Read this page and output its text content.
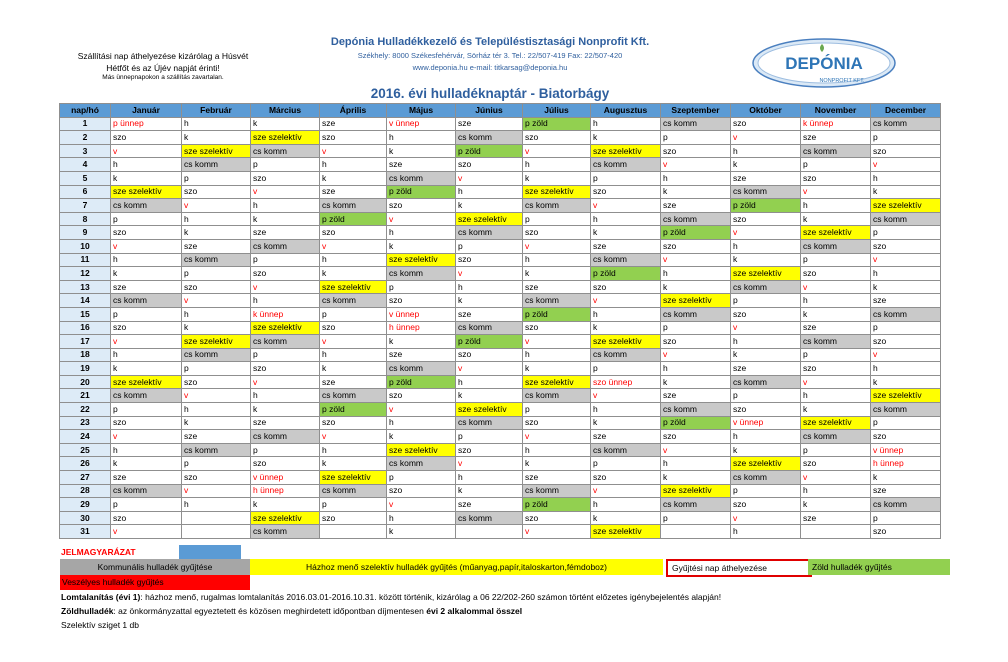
Szállítási nap áthelyezése kizárólag a Húsvét
Hétfőt és az Újév napját érinti!
Más ünnepnapokon a szállítás zavartalan.
Depónia Hulladékkezelő és Településtisztasági Nonprofit Kft.
Székhely: 8000 Székesfehérvár, Sörház tér 3. Tel.: 22/507-419 Fax: 22/507-420
www.deponia.hu e-mail: titkarsag@deponia.hu	DEPÓNIA
NONPROFIT KFT.
2016. évi hulladéknaptár - Biatorbágy
nap/hó	Január	Február	Március	Április	Május	Június	Július	Augusztus	Szeptember	Október	November	December
1	p ünnep	h	k	sze	v ünnep	sze	p zöld	h	cs komm	szo	k ünnep	cs komm
2	szo	k	sze szelektív	szo	h	cs komm	szo	k	p	v	sze	p
3	v	sze szelektív	cs komm	v	k	p zöld	v	sze szelektív	szo	h	cs komm	szo
4	h	cs komm	p	h	sze	szo	h	cs komm	v	k	p	v
5	k	p	szo	k	cs komm	v	k	p	h	sze	szo	h
6	sze szelektív	szo	v	sze	p zöld	h	sze szelektív	szo	k	cs komm	v	k
7	cs komm	v	h	cs komm	szo	k	cs komm	v	sze	p zöld	h	sze szelektív
8	p	h	k	p zöld	v	sze szelektív	p	h	cs komm	szo	k	cs komm
9	szo	k	sze	szo	h	cs komm	szo	k	p zöld	v	sze szelektív	p
10	v	sze	cs komm	v	k	p	v	sze	szo	h	cs komm	szo
11	h	cs komm	p	h	sze szelektív	szo	h	cs komm	v	k	p	v
12	k	p	szo	k	cs komm	v	k	p zöld	h	sze szelektív	szo	h
13	sze	szo	v	sze szelektív	p	h	sze	szo	k	cs komm	v	k
14	cs komm	v	h	cs komm	szo	k	cs komm	v	sze szelektív	p	h	sze
15	p	h	k ünnep	p	v ünnep	sze	p zöld	h	cs komm	szo	k	cs komm
16	szo	k	sze szelektív	szo	h ünnep	cs komm	szo	k	p	v	sze	p
17	v	sze szelektív	cs komm	v	k	p zöld	v	sze szelektív	szo	h	cs komm	szo
18	h	cs komm	p	h	sze	szo	h	cs komm	v	k	p	v
19	k	p	szo	k	cs komm	v	k	p	h	sze	szo	h
20	sze szelektív	szo	v	sze	p zöld	h	sze szelektív	szo ünnep	k	cs komm	v	k
21	cs komm	v	h	cs komm	szo	k	cs komm	v	sze	p	h	sze szelektív
22	p	h	k	p zöld	v	sze szelektív	p	h	cs komm	szo	k	cs komm
23	szo	k	sze	szo	h	cs komm	szo	k	p zöld	v ünnep	sze szelektív	p
24	v	sze	cs komm	v	k	p	v	sze	szo	h	cs komm	szo
25	h	cs komm	p	h	sze szelektív	szo	h	cs komm	v	k	p	v ünnep
26	k	p	szo	k	cs komm	v	k	p	h	sze szelektív	szo	h ünnep
27	sze	szo	v ünnep	sze szelektív	p	h	sze	szo	k	cs komm	v	k
28	cs komm	v	h ünnep	cs komm	szo	k	cs komm	v	sze szelektív	p	h	sze
29	p	h	k	p	v	sze	p zöld	h	cs komm	szo	k	cs komm
30	szo		sze szelektív	szo	h	cs komm	szo	k	p	v	sze	p
31	v		cs komm		k		v	sze szelektív		h		szo
JELMAGYARÁZAT
Kommunális hulladék gyűjtése	Házhoz menő szelektív hulladék gyűjtés (műanyag,papír,italoskarton,fémdoboz)	Gyűjtési nap áthelyezése	Zöld hulladék gyűjtés
Veszélyes hulladék gyűjtés
Lomtalanítás (évi 1): házhoz menő, rugalmas lomtalanítás 2016.03.01-2016.10.31. között történik, kizárólag a 06 22/202-260 számon történt előzetes igénybejelentés alapján!
Zöldhulladék: az önkormányzattal egyeztetett és közösen meghirdetett időpontban díjmentesen évi 2 alkalommal összel
Szelektív sziget 1 db
